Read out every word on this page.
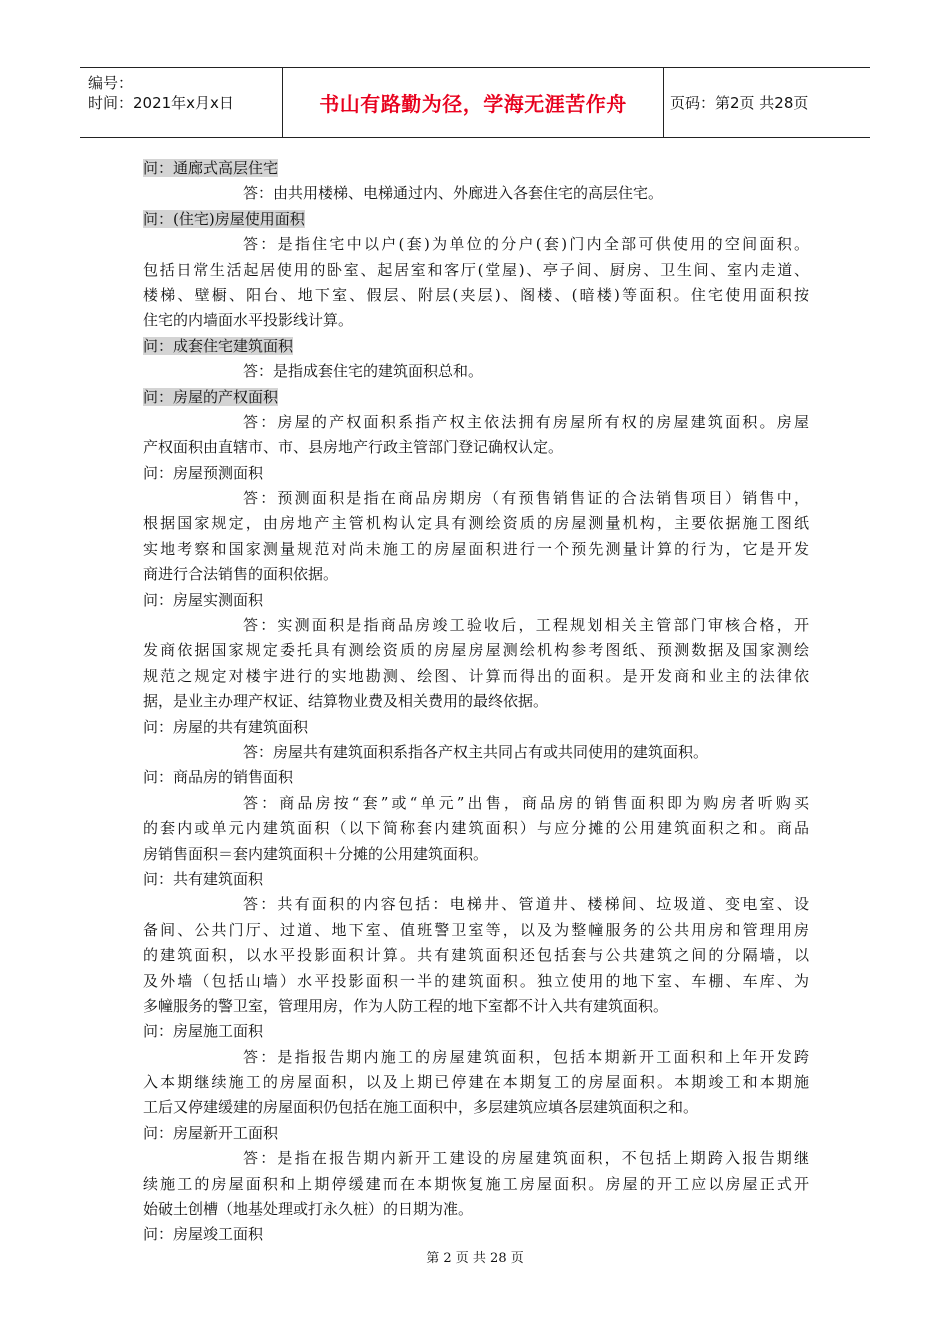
编号：
时间：2021年x月x日	书山有路勤为径，学海无涯苦作舟	页码：第2页 共28页
问：通廊式高层住宅
答：由共用楼梯、电梯通过内、外廊进入各套住宅的高层住宅。
问：(住宅)房屋使用面积
答：是指住宅中以户(套)为单位的分户(套)门内全部可供使用的空间面积。
包括日常生活起居使用的卧室、起居室和客厅(堂屋)、亭子间、厨房、卫生间、室内走道、
楼梯、壁橱、阳台、地下室、假层、附层(夹层)、阁楼、(暗楼)等面积。住宅使用面积按
住宅的内墙面水平投影线计算。
问：成套住宅建筑面积
答：是指成套住宅的建筑面积总和。
问：房屋的产权面积
答：房屋的产权面积系指产权主依法拥有房屋所有权的房屋建筑面积。房屋
产权面积由直辖市、市、县房地产行政主管部门登记确权认定。
问：房屋预测面积
答：预测面积是指在商品房期房（有预售销售证的合法销售项目）销售中，
根据国家规定，由房地产主管机构认定具有测绘资质的房屋测量机构，主要依据施工图纸
实地考察和国家测量规范对尚未施工的房屋面积进行一个预先测量计算的行为，它是开发
商进行合法销售的面积依据。
问：房屋实测面积
答：实测面积是指商品房竣工验收后，工程规划相关主管部门审核合格，开
发商依据国家规定委托具有测绘资质的房屋房屋测绘机构参考图纸、预测数据及国家测绘
规范之规定对楼宇进行的实地勘测、绘图、计算而得出的面积。是开发商和业主的法律依
据，是业主办理产权证、结算物业费及相关费用的最终依据。
问：房屋的共有建筑面积
答：房屋共有建筑面积系指各产权主共同占有或共同使用的建筑面积。
问：商品房的销售面积
答：商品房按“套”或“单元”出售，商品房的销售面积即为购房者听购买
的套内或单元内建筑面积（以下简称套内建筑面积）与应分摊的公用建筑面积之和。商品
房销售面积＝套内建筑面积＋分摊的公用建筑面积。
问：共有建筑面积
答：共有面积的内容包括：电梯井、管道井、楼梯间、垃圾道、变电室、设
备间、公共门厅、过道、地下室、值班警卫室等，以及为整幢服务的公共用房和管理用房
的建筑面积，以水平投影面积计算。共有建筑面积还包括套与公共建筑之间的分隔墙，以
及外墙（包括山墙）水平投影面积一半的建筑面积。独立使用的地下室、车棚、车库、为
多幢服务的警卫室，管理用房，作为人防工程的地下室都不计入共有建筑面积。
问：房屋施工面积
答：是指报告期内施工的房屋建筑面积，包括本期新开工面积和上年开发跨
入本期继续施工的房屋面积，以及上期已停建在本期复工的房屋面积。本期竣工和本期施
工后又停建缓建的房屋面积仍包括在施工面积中，多层建筑应填各层建筑面积之和。
问：房屋新开工面积
答：是指在报告期内新开工建设的房屋建筑面积，不包括上期跨入报告期继
续施工的房屋面积和上期停缓建而在本期恢复施工房屋面积。房屋的开工应以房屋正式开
始破土创槽（地基处理或打永久桩）的日期为准。
问：房屋竣工面积
第 2 页 共 28 页
